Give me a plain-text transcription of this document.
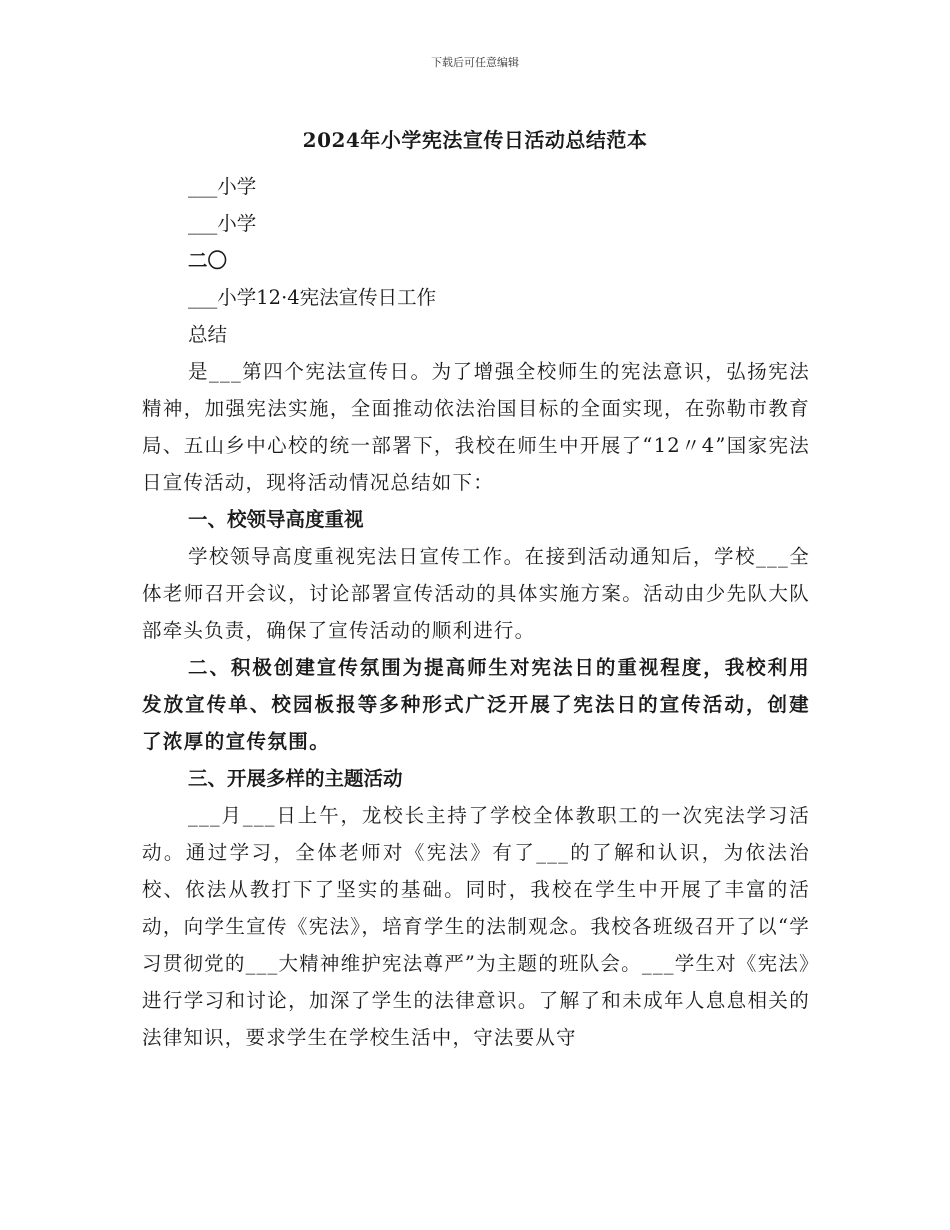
下载后可任意编辑
2024年小学宪法宣传日活动总结范本
___小学
___小学
二〇
___小学12·4宪法宣传日工作
总结

是___第四个宪法宣传日。为了增强全校师生的宪法意识，弘扬宪法精神，加强宪法实施，全面推动依法治国目标的全面实现，在弥勒市教育局、五山乡中心校的统一部署下，我校在师生中开展了“12〃4”国家宪法日宣传活动，现将活动情况总结如下：

一、校领导高度重视

学校领导高度重视宪法日宣传工作。在接到活动通知后，学校___全体老师召开会议，讨论部署宣传活动的具体实施方案。活动由少先队大队部牵头负责，确保了宣传活动的顺利进行。

二、积极创建宣传氛围为提高师生对宪法日的重视程度，我校利用发放宣传单、校园板报等多种形式广泛开展了宪法日的宣传活动，创建了浓厚的宣传氛围。

三、开展多样的主题活动

___月___日上午，龙校长主持了学校全体教职工的一次宪法学习活动。通过学习，全体老师对《宪法》有了___的了解和认识，为依法治校、依法从教打下了坚实的基础。同时，我校在学生中开展了丰富的活动，向学生宣传《宪法》，培育学生的法制观念。我校各班级召开了以“学习贯彻党的___大精神维护宪法尊严”为主题的班队会。___学生对《宪法》进行学习和讨论，加深了学生的法律意识。了解了和未成年人息息相关的法律知识，要求学生在学校生活中，守法要从守
